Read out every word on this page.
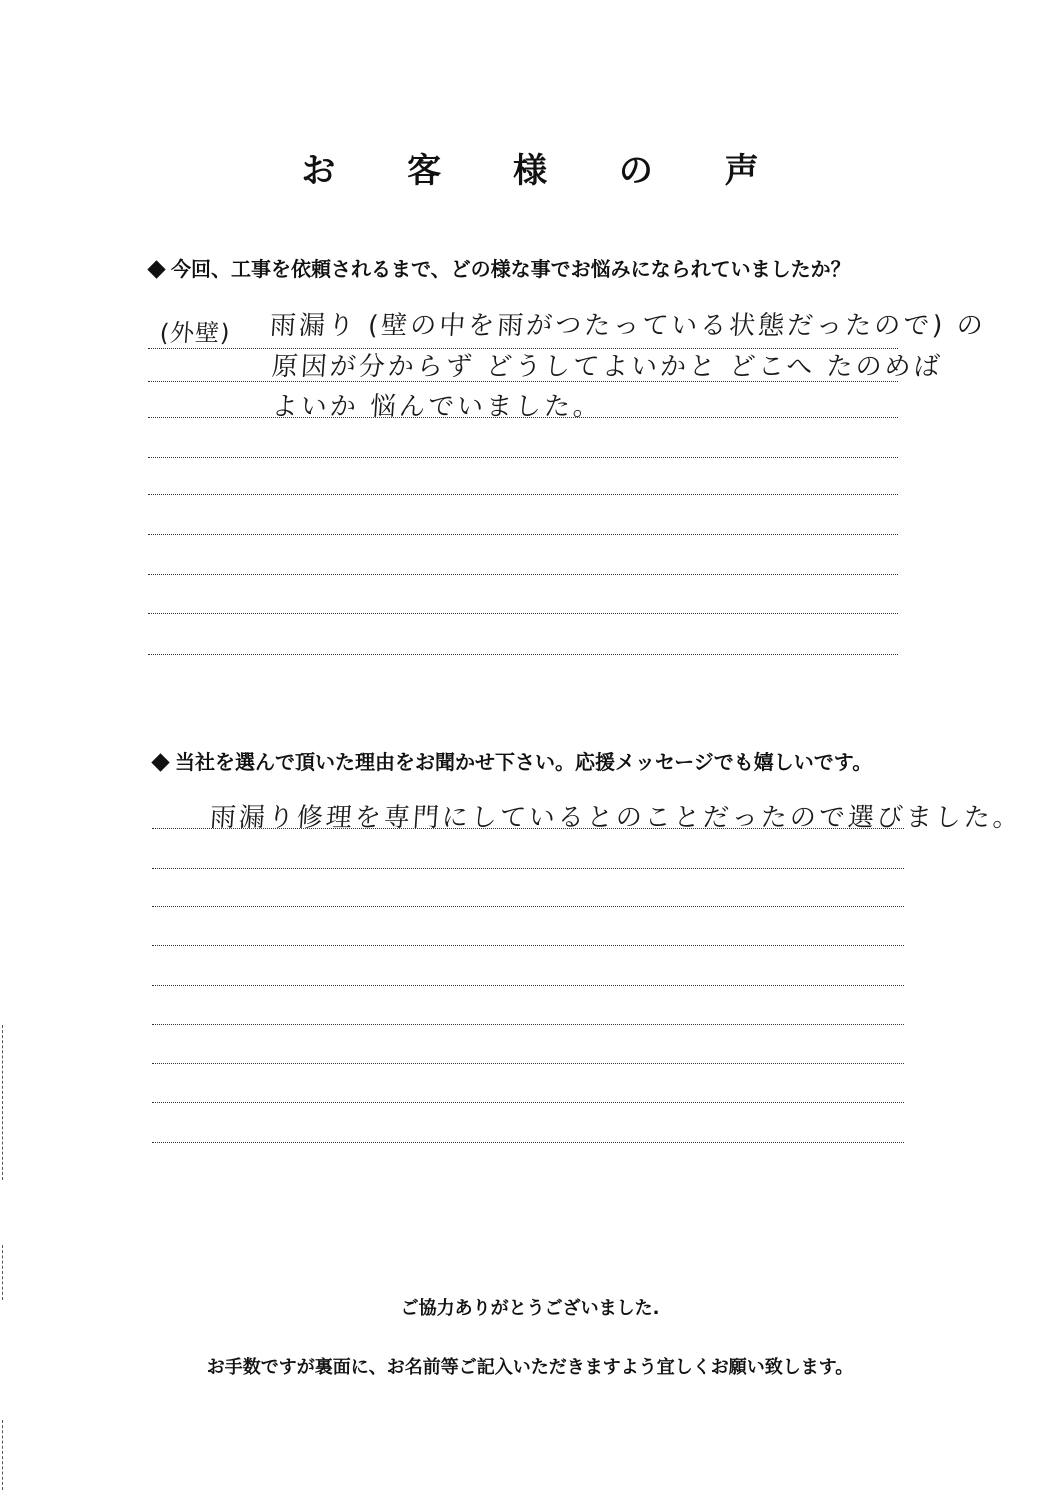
お 客 様 の 声
今回、工事を依頼されるまで、どの様な事でお悩みになられていましたか？
(外壁) 雨漏り (壁の中を雨がつたっている状態だったので) の
原因が分からず どうしてよいかと どこへ たのめば
よいか 悩んでいました。
当社を選んで頂いた理由をお聞かせ下さい。応援メッセージでも嬉しいです。
雨漏り修理を専門にしているとのことだったので選びました。
ご協力ありがとうございました.
お手数ですが裏面に、お名前等ご記入いただきますよう宜しくお願い致します。
